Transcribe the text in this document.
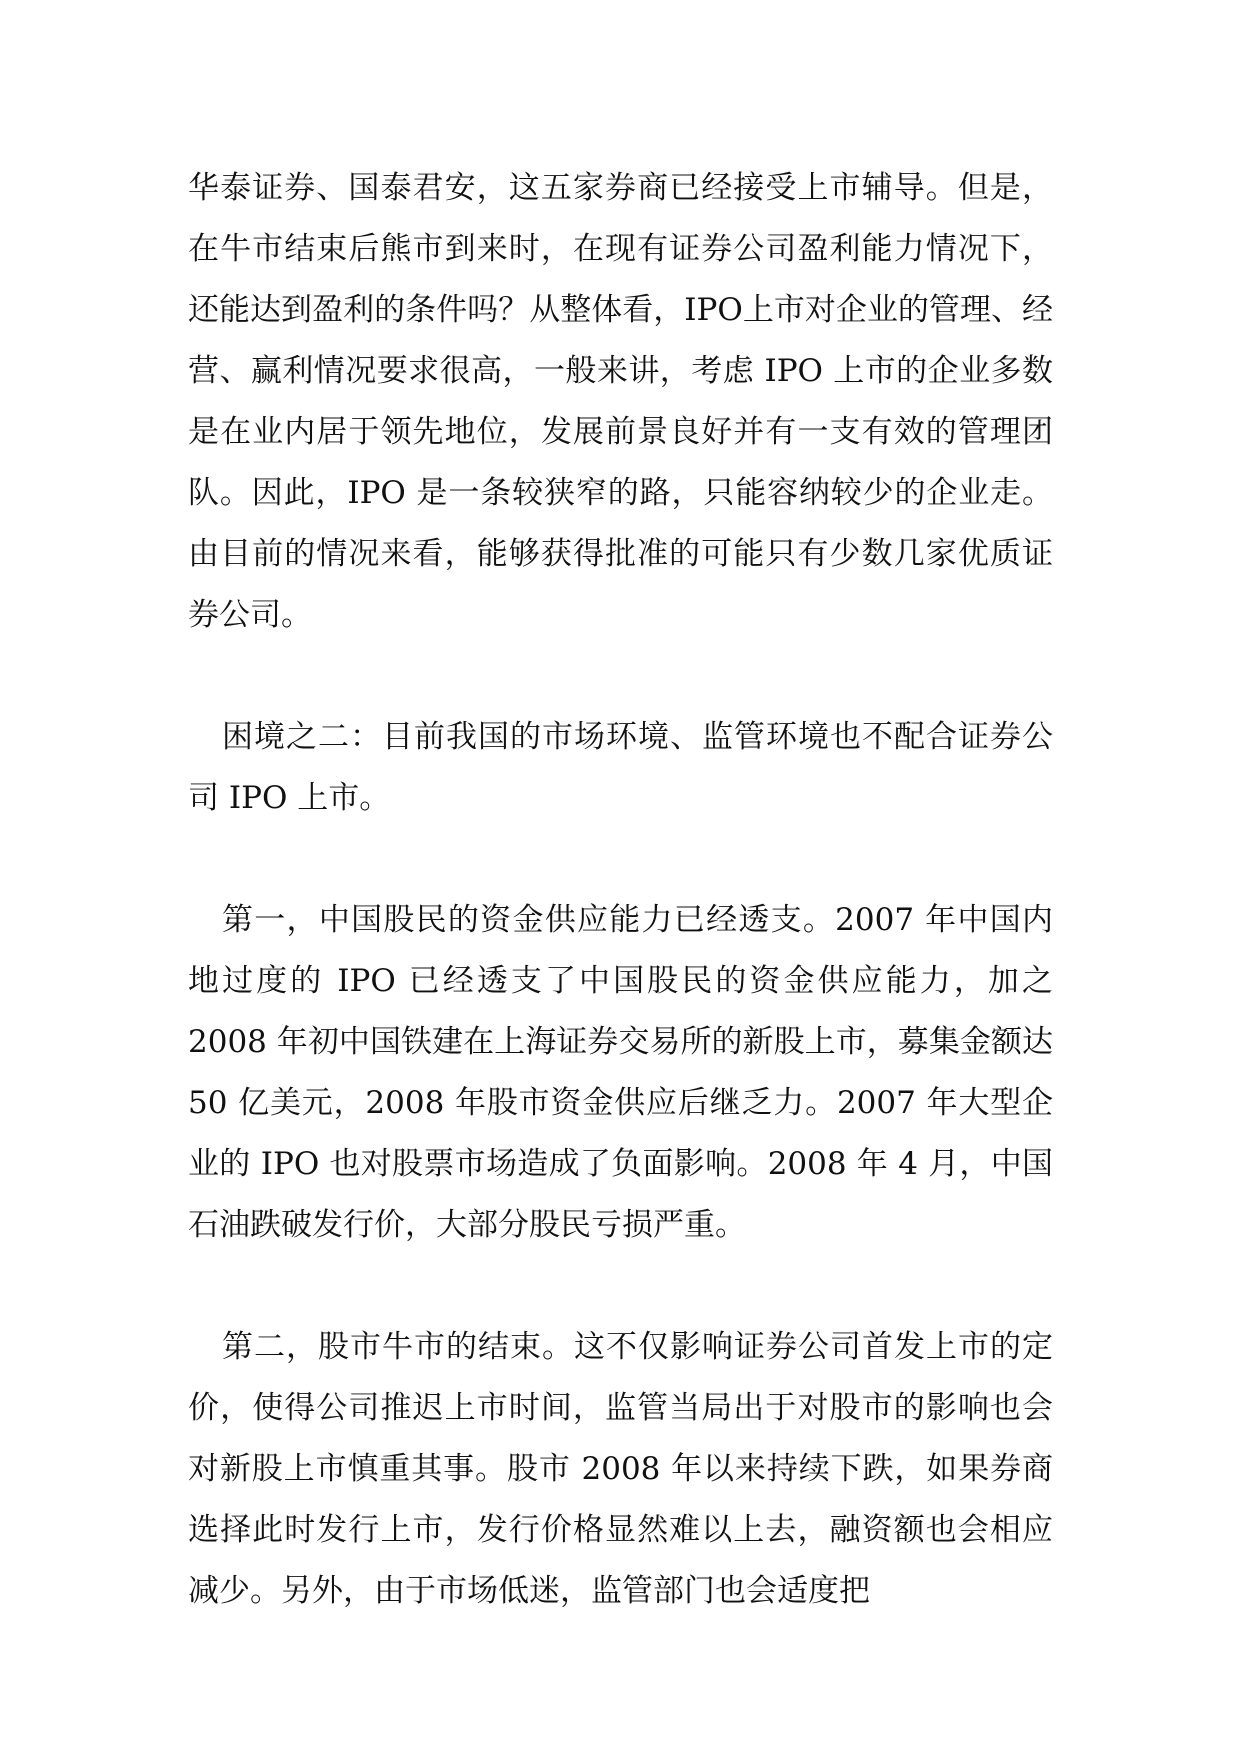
华泰证券、国泰君安，这五家券商已经接受上市辅导。但是，在牛市结束后熊市到来时，在现有证券公司盈利能力情况下，还能达到盈利的条件吗？从整体看，IPO上市对企业的管理、经营、赢利情况要求很高，一般来讲，考虑 IPO 上市的企业多数是在业内居于领先地位，发展前景良好并有一支有效的管理团队。因此，IPO 是一条较狭窄的路，只能容纳较少的企业走。由目前的情况来看，能够获得批准的可能只有少数几家优质证券公司。

困境之二：目前我国的市场环境、监管环境也不配合证券公司 IPO 上市。

第一，中国股民的资金供应能力已经透支。2007 年中国内地过度的 IPO 已经透支了中国股民的资金供应能力，加之 2008 年初中国铁建在上海证券交易所的新股上市，募集金额达 50 亿美元，2008 年股市资金供应后继乏力。2007 年大型企业的 IPO 也对股票市场造成了负面影响。2008 年 4 月，中国石油跌破发行价，大部分股民亏损严重。

第二，股市牛市的结束。这不仅影响证券公司首发上市的定价，使得公司推迟上市时间，监管当局出于对股市的影响也会对新股上市慎重其事。股市 2008 年以来持续下跌，如果券商选择此时发行上市，发行价格显然难以上去，融资额也会相应减少。另外，由于市场低迷，监管部门也会适度把
